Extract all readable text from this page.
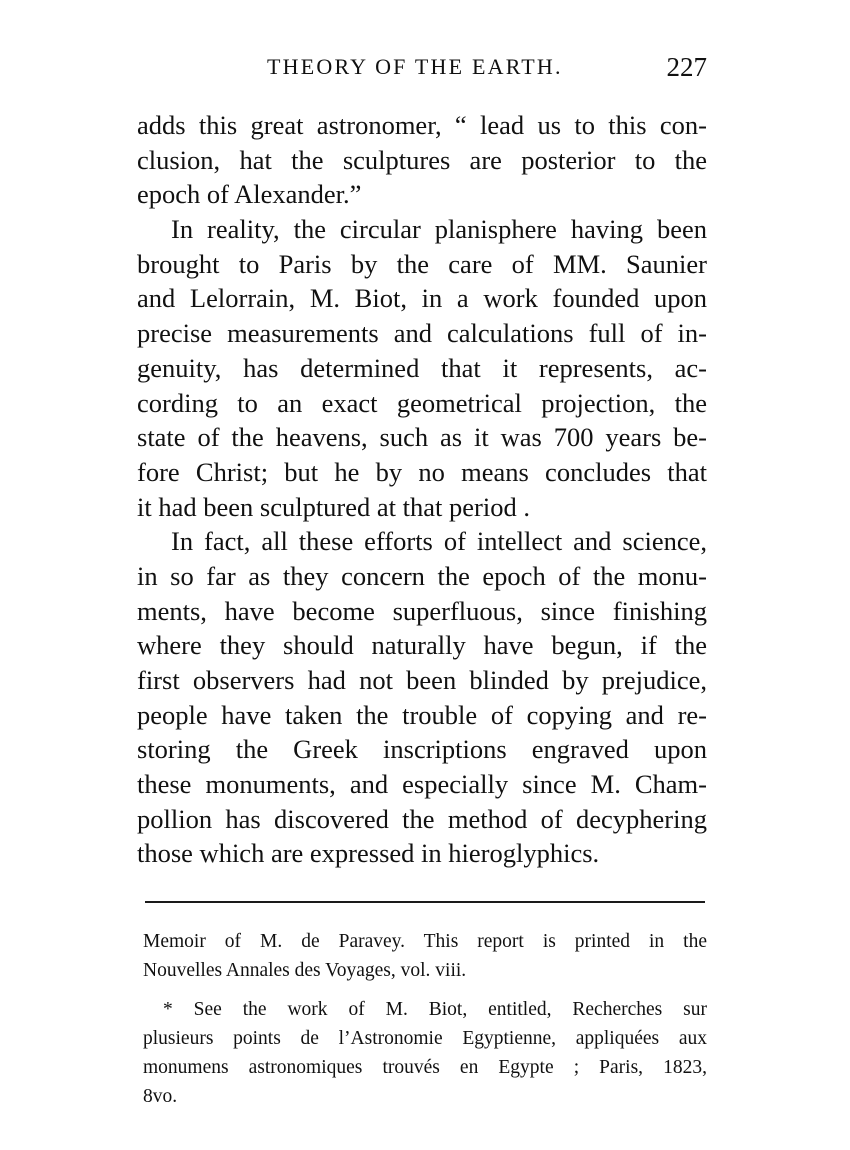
THEORY OF THE EARTH.	227
adds this great astronomer, “ lead us to this con-
clusion, hat the sculptures are posterior to the
epoch of Alexander.”
In reality, the circular planisphere having been
brought to Paris by the care of MM. Saunier
and Lelorrain, M. Biot, in a work founded upon
precise measurements and calculations full of in-
genuity, has determined that it represents, ac-
cording to an exact geometrical projection, the
state of the heavens, such as it was 700 years be-
fore Christ; but he by no means concludes that
it had been sculptured at that period .
In fact, all these efforts of intellect and science,
in so far as they concern the epoch of the monu-
ments, have become superfluous, since finishing
where they should naturally have begun, if the
first observers had not been blinded by prejudice,
people have taken the trouble of copying and re-
storing the Greek inscriptions engraved upon
these monuments, and especially since M. Cham-
pollion has discovered the method of decyphering
those which are expressed in hieroglyphics.
Memoir of M. de Paravey. This report is printed in the
Nouvelles Annales des Voyages, vol. viii.
* See the work of M. Biot, entitled, Recherches sur
plusieurs points de l’Astronomie Egyptienne, appliquées aux
monumens astronomiques trouvés en Egypte ; Paris, 1823,
8vo.
